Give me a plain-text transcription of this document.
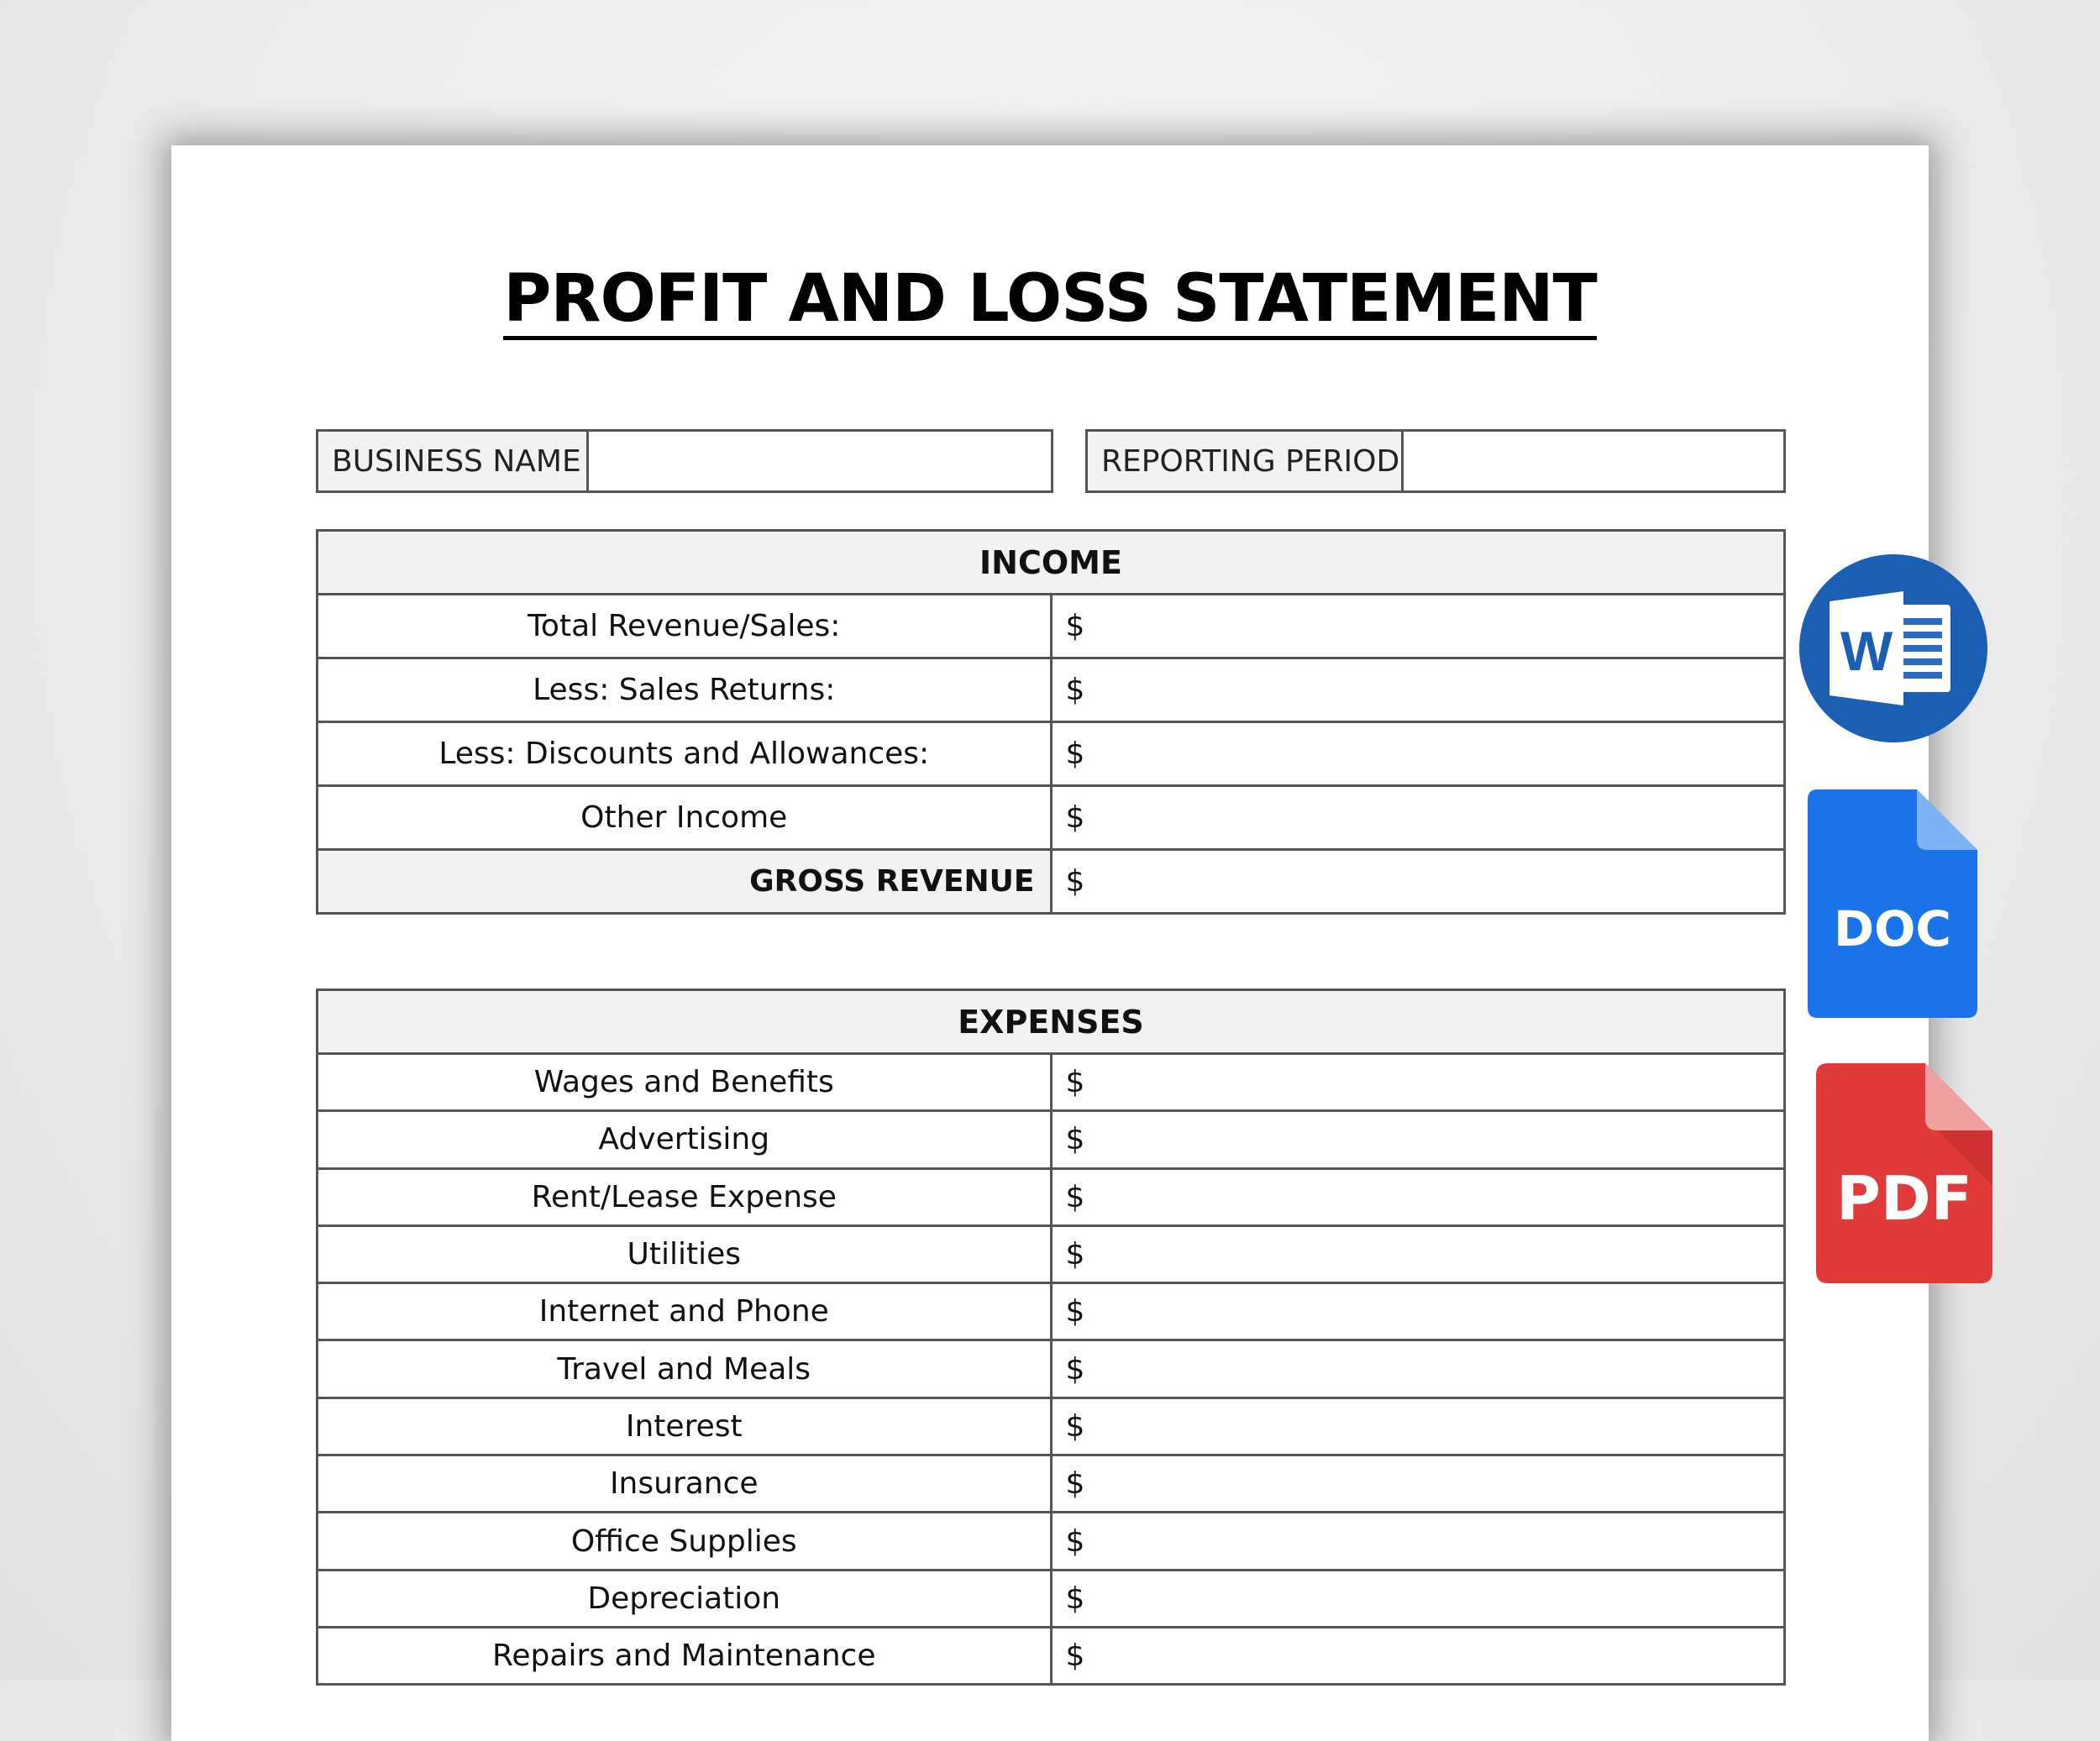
PROFIT AND LOSS STATEMENT
BUSINESS NAME	REPORTING PERIOD
INCOME	
Total Revenue/Sales:	$
Less: Sales Returns:	$
Less: Discounts and Allowances:	$
Other Income	$
GROSS REVENUE	$
EXPENSES	
Wages and Benefits	$
Advertising	$
Rent/Lease Expense	$
Utilities	$
Internet and Phone	$
Travel and Meals	$
Interest	$
Insurance	$
Office Supplies	$
Depreciation	$
Repairs and Maintenance	$
W
DOC
PDF
